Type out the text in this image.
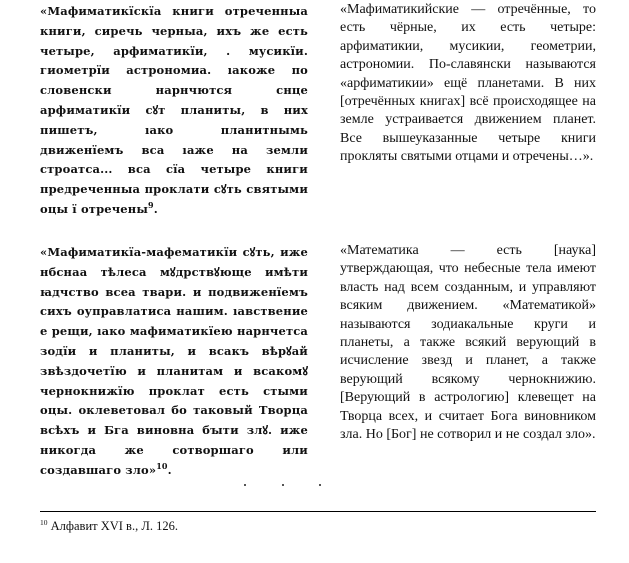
«Мафиматикїскїа книги отреченныа книги, сиречь черныа, ихъ же есть четыре, арфиматикїи, . мусикїи. гиометрїи астрономиа. ıакоже по словенски нарнчются снце арфиматикїи сꙋт планиты, в них пишетъ, ıако планитнымь движенїемъ вса ıаже на земли строатса... вса сїа четыре книги предреченныа проклати сꙋть святыми оцы ї отречены$^9$.

«Мафиматикийские — отречённые, то есть чёрные, их есть четыре: арфиматикии, мусикии, геометрии, астрономии. По-славянски называются «арфиматикии» ещё планетами. В них [отречённых книгах] всё происходящее на земле устраивается движением планет. Все вышеуказанные четыре книги прокляты святыми отцами и отречены…».

«Мафиматикїа-мафематикїи сꙋть, иже нбснаа тѣлеса мꙋдрствꙋюще имѣти ꙗдчство всеа твари. и подвиженїемъ сихъ оуправлатиса нашим. ıавствение е рещи, ıако мафиматикїею нарнчетса зодїи и планиты, и всакъ вѣрꙋай звѣздочетїю и планитам и всакомꙋ чернокнижїю проклат есть стыми оцы. оклеветовал бо таковый Творца всѣхъ и Бга виновна бꙑти злꙋ. иже никогда же сотворшаго или создавшаго зло»$^{10}$.

«Математика — есть [наука] утверждающая, что небесные тела имеют власть над всем созданным, и управляют всяким движением. «Математикой» называются зодиакальные круги и планеты, а также всякий верующий в исчисление звезд и планет, а также верующий всякому чернокнижию. [Верующий в астрологию] клевещет на Творца всех, и считает Бога виновником зла. Но [Бог] не сотворил и не создал зло».

$^{10}$ Алфавит XVI в., Л. 126.
